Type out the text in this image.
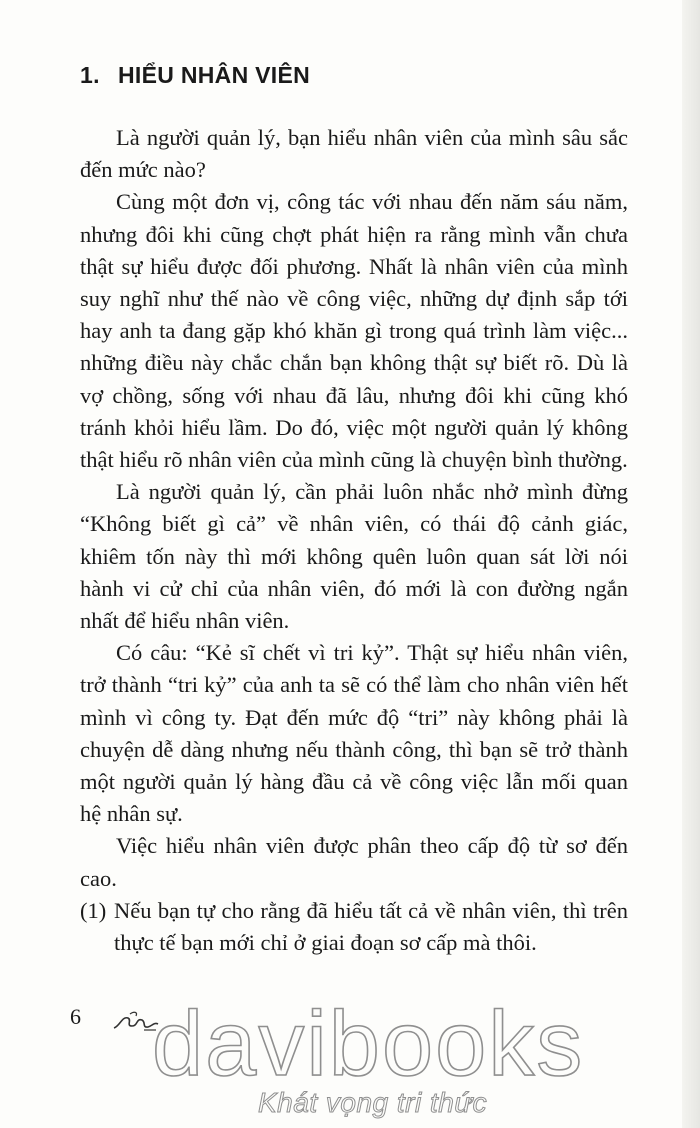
1. HIỂU NHÂN VIÊN

Là người quản lý, bạn hiểu nhân viên của mình sâu sắc đến mức nào?

Cùng một đơn vị, công tác với nhau đến năm sáu năm, nhưng đôi khi cũng chợt phát hiện ra rằng mình vẫn chưa thật sự hiểu được đối phương. Nhất là nhân viên của mình suy nghĩ như thế nào về công việc, những dự định sắp tới hay anh ta đang gặp khó khăn gì trong quá trình làm việc... những điều này chắc chắn bạn không thật sự biết rõ. Dù là vợ chồng, sống với nhau đã lâu, nhưng đôi khi cũng khó tránh khỏi hiểu lầm. Do đó, việc một người quản lý không thật hiểu rõ nhân viên của mình cũng là chuyện bình thường.

Là người quản lý, cần phải luôn nhắc nhở mình đừng “Không biết gì cả” về nhân viên, có thái độ cảnh giác, khiêm tốn này thì mới không quên luôn quan sát lời nói hành vi cử chỉ của nhân viên, đó mới là con đường ngắn nhất để hiểu nhân viên.

Có câu: “Kẻ sĩ chết vì tri kỷ”. Thật sự hiểu nhân viên, trở thành “tri kỷ” của anh ta sẽ có thể làm cho nhân viên hết mình vì công ty. Đạt đến mức độ “tri” này không phải là chuyện dễ dàng nhưng nếu thành công, thì bạn sẽ trở thành một người quản lý hàng đầu cả về công việc lẫn mối quan hệ nhân sự.

Việc hiểu nhân viên được phân theo cấp độ từ sơ đến cao.

(1) Nếu bạn tự cho rằng đã hiểu tất cả về nhân viên, thì trên thực tế bạn mới chỉ ở giai đoạn sơ cấp mà thôi.

6 davibooks
Khát vọng tri thức
